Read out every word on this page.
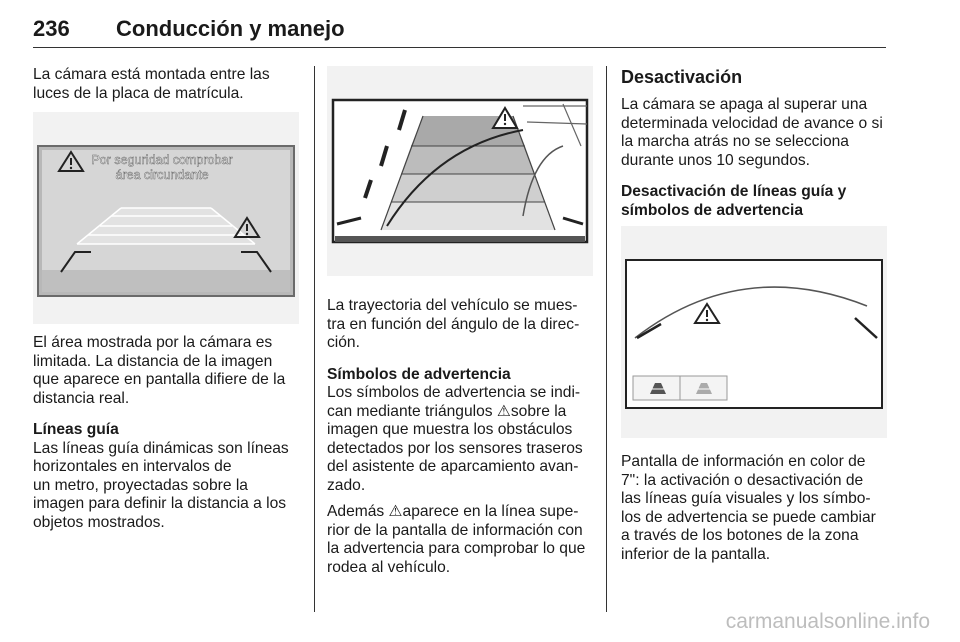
236 Conducción y manejo

La cámara está montada entre las
luces de la placa de matrícula.

Por seguridad comprobar
área circundante

El área mostrada por la cámara es
limitada. La distancia de la imagen
que aparece en pantalla difiere de la
distancia real.

Líneas guía

Las líneas guía dinámicas son líneas
horizontales en intervalos de
un metro, proyectadas sobre la
imagen para definir la distancia a los
objetos mostrados.

La trayectoria del vehículo se mues-
tra en función del ángulo de la direc-
ción.

Símbolos de advertencia

Los símbolos de advertencia se indi-
can mediante triángulos ⚠sobre la
imagen que muestra los obstáculos
detectados por los sensores traseros
del asistente de aparcamiento avan-
zado.

Además ⚠aparece en la línea supe-
rior de la pantalla de información con
la advertencia para comprobar lo que
rodea al vehículo.

Desactivación

La cámara se apaga al superar una
determinada velocidad de avance o si
la marcha atrás no se selecciona
durante unos 10 segundos.

Desactivación de líneas guía y
símbolos de advertencia

Pantalla de información en color de
7": la activación o desactivación de
las líneas guía visuales y los símbo-
los de advertencia se puede cambiar
a través de los botones de la zona
inferior de la pantalla.

carmanualsonline.info
